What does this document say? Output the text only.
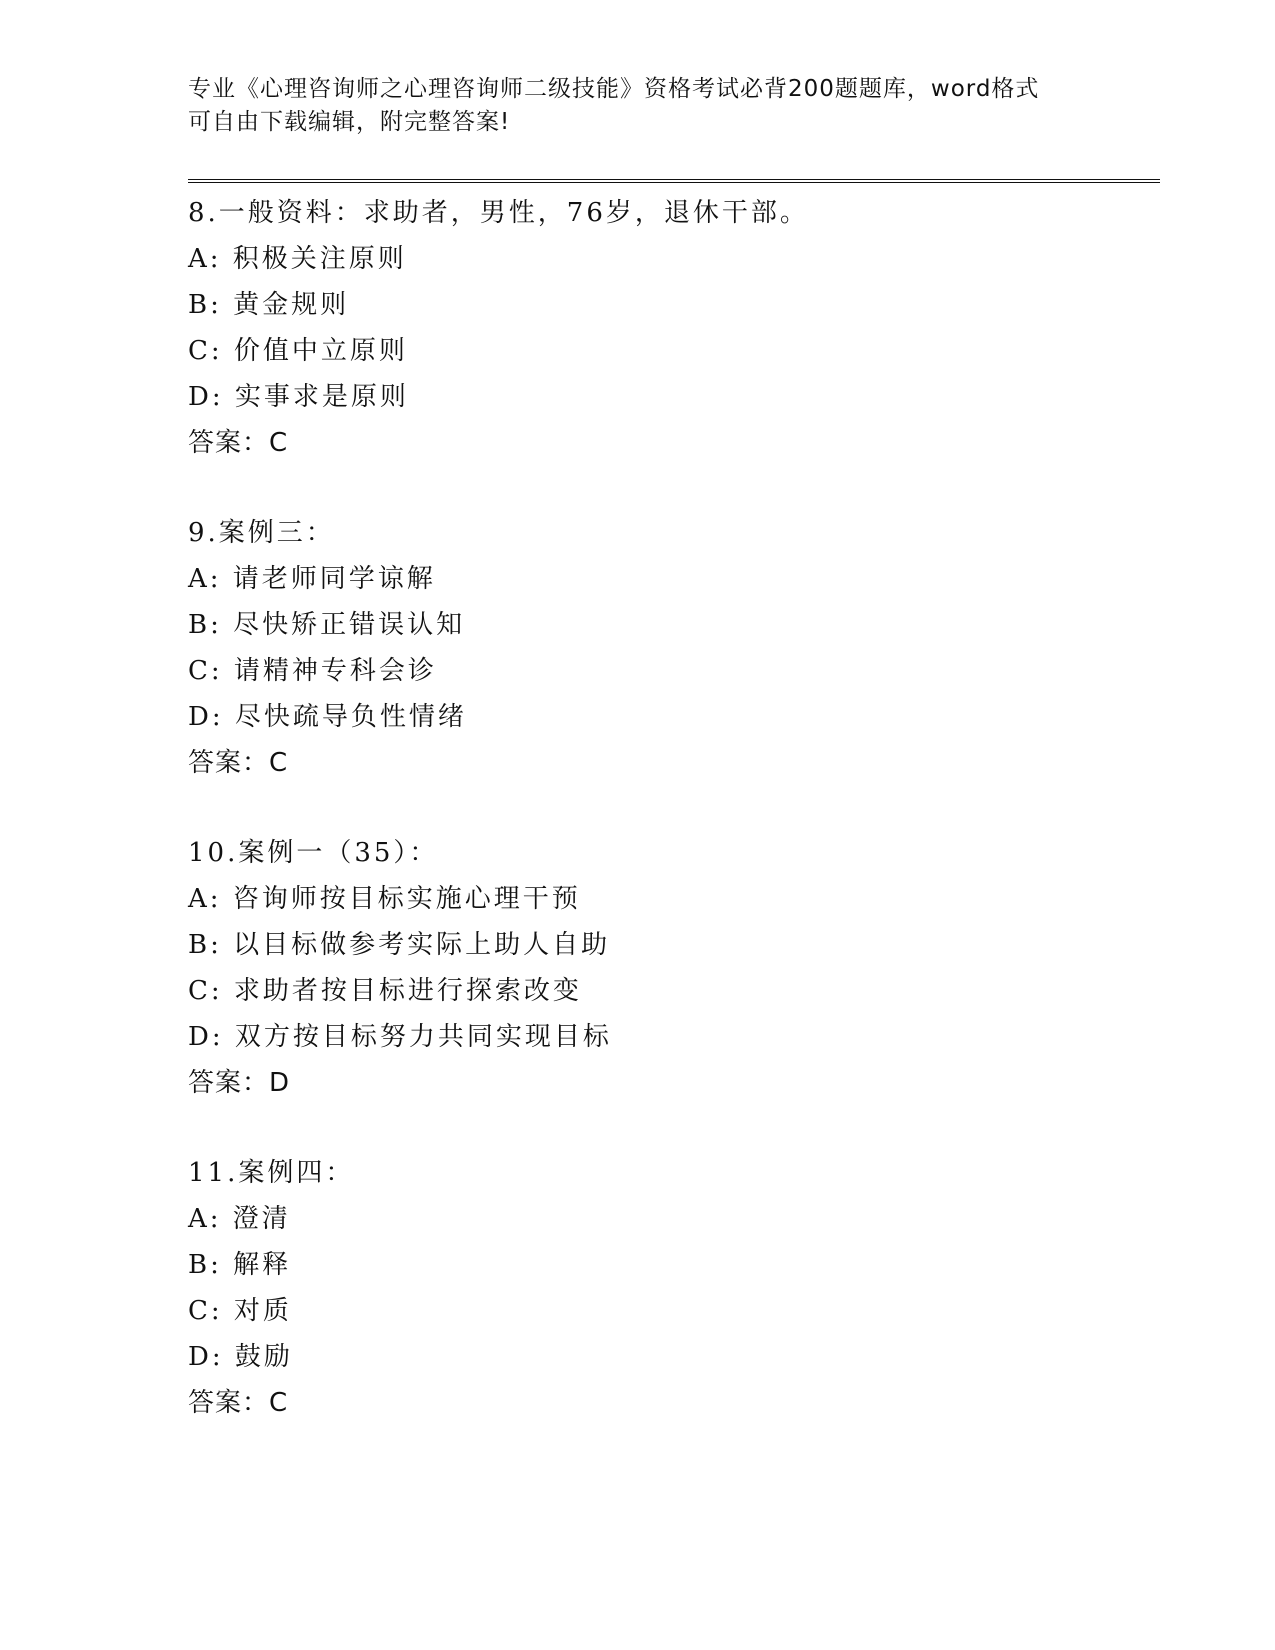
专业《心理咨询师之心理咨询师二级技能》资格考试必背200题题库，word格式
可自由下载编辑，附完整答案!
8.一般资料：求助者，男性，76岁，退休干部。
A: 积极关注原则
B: 黄金规则
C: 价值中立原则
D: 实事求是原则
答案：C
9.案例三：
A: 请老师同学谅解
B: 尽快矫正错误认知
C: 请精神专科会诊
D: 尽快疏导负性情绪
答案：C
10.案例一（35）：
A: 咨询师按目标实施心理干预
B: 以目标做参考实际上助人自助
C: 求助者按目标进行探索改变
D: 双方按目标努力共同实现目标
答案：D
11.案例四：
A: 澄清
B: 解释
C: 对质
D: 鼓励
答案：C
